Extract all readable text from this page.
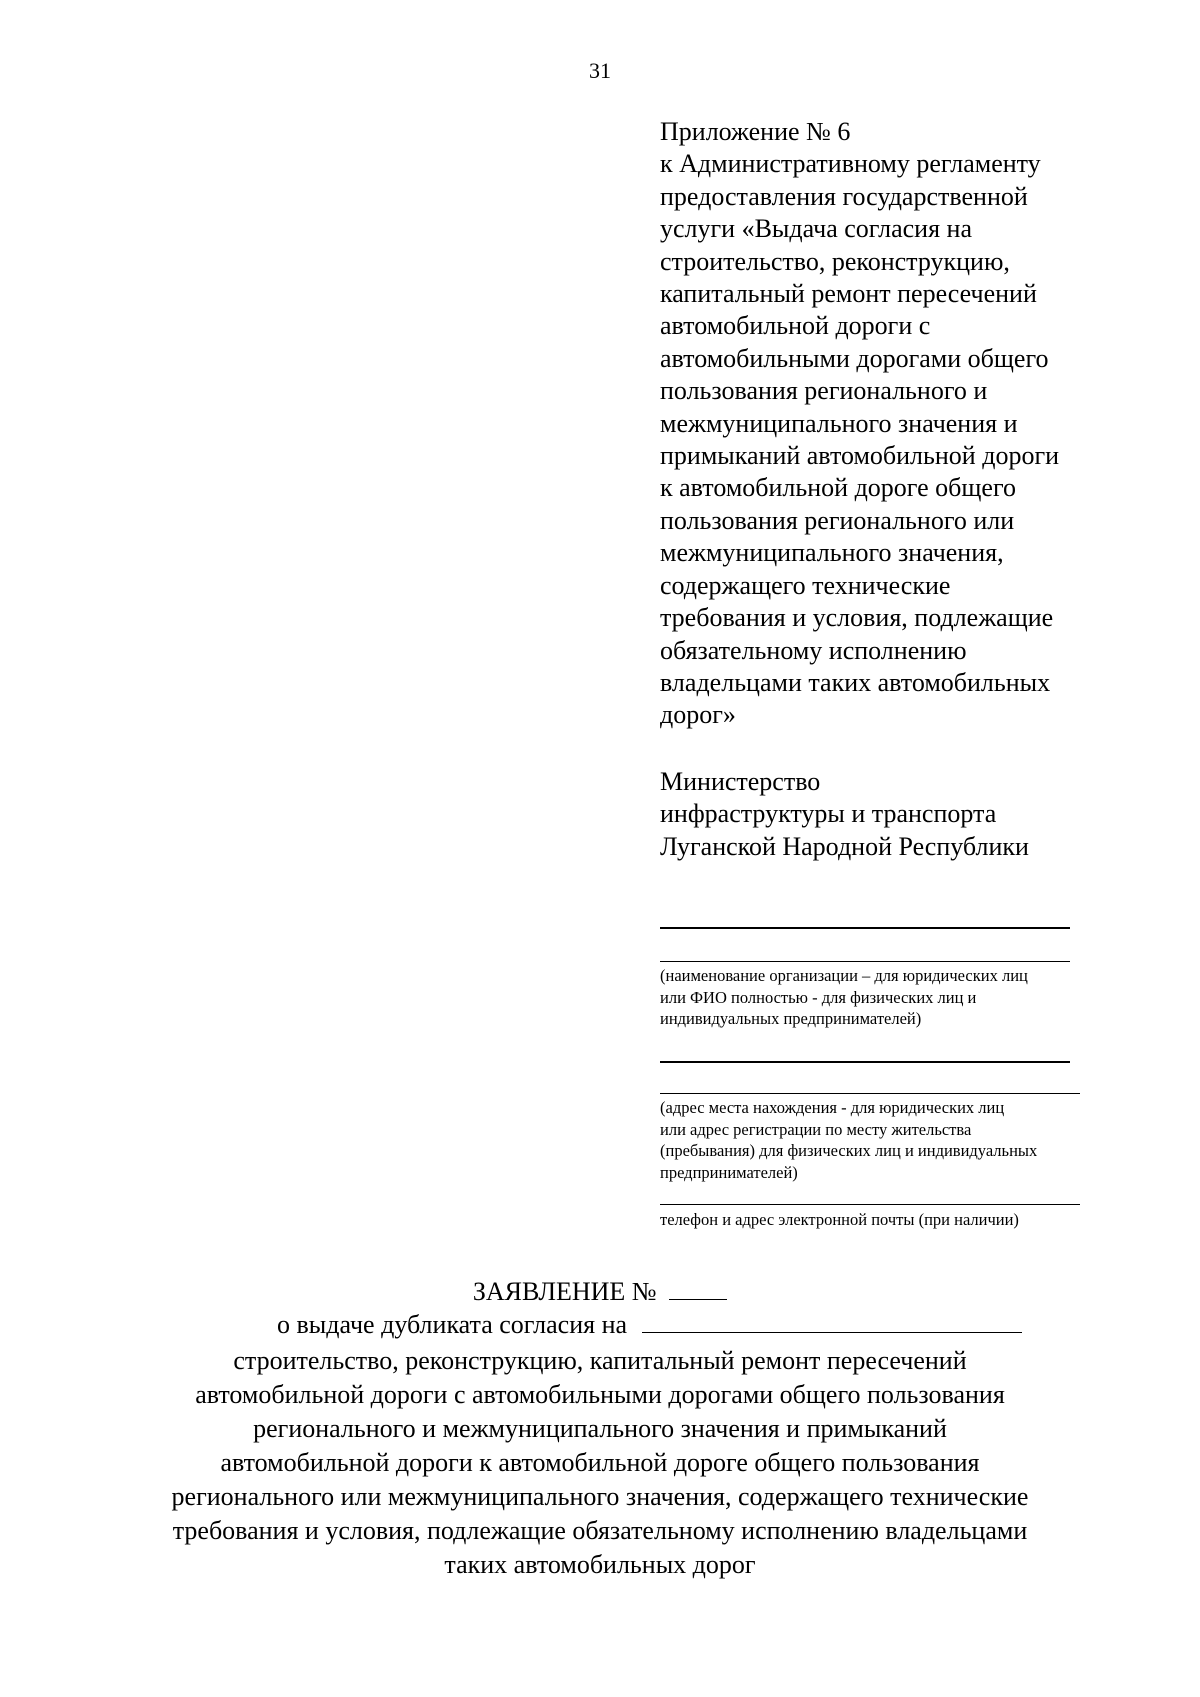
31
Приложение № 6
к Административному регламенту
предоставления государственной
услуги «Выдача согласия на
строительство, реконструкцию,
капитальный ремонт пересечений
автомобильной дороги с
автомобильными дорогами общего
пользования регионального и
межмуниципального значения и
примыканий автомобильной дороги
к автомобильной дороге общего
пользования регионального или
межмуниципального значения,
содержащего технические
требования и условия, подлежащие
обязательному исполнению
владельцами таких автомобильных
дорог»
Министерство
инфраструктуры и транспорта
Луганской Народной Республики
(наименование организации – для юридических лиц
или ФИО полностью - для физических лиц и
индивидуальных предпринимателей)
(адрес места нахождения - для юридических лиц
или адрес регистрации по месту жительства
(пребывания) для физических лиц и индивидуальных
предпринимателей)
телефон и адрес электронной почты (при наличии)
ЗАЯВЛЕНИЕ №
о выдаче дубликата согласия на
строительство, реконструкцию, капитальный ремонт пересечений
автомобильной дороги с автомобильными дорогами общего пользования
регионального и межмуниципального значения и примыканий
автомобильной дороги к автомобильной дороге общего пользования
регионального или межмуниципального значения, содержащего технические
требования и условия, подлежащие обязательному исполнению владельцами
таких автомобильных дорог
